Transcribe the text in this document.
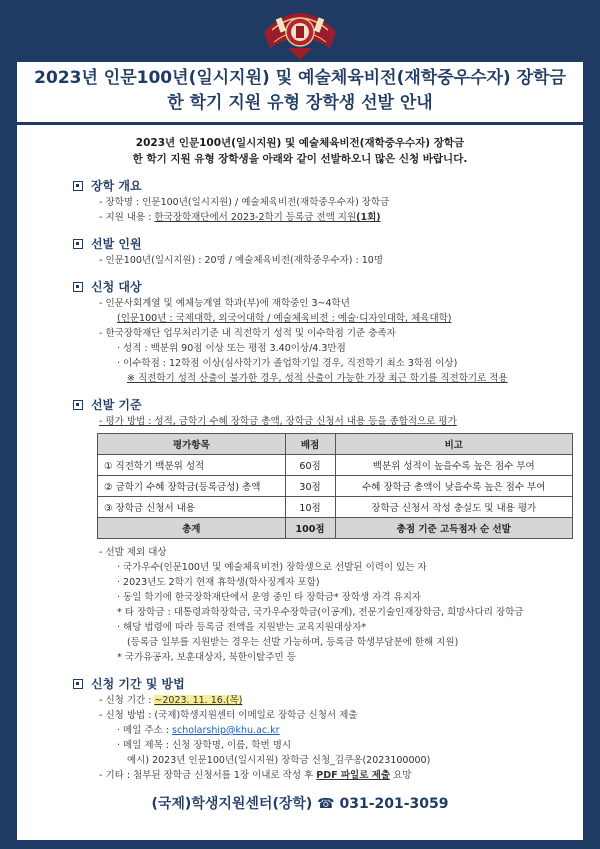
2023년 인문100년(일시지원) 및 예술체육비전(재학중우수자) 장학금
한 학기 지원 유형 장학생 선발 안내
2023년 인문100년(일시지원) 및 예술체육비전(재학중우수자) 장학금
한 학기 지원 유형 장학생을 아래와 같이 선발하오니 많은 신청 바랍니다.
장학 개요
- 장학명 : 인문100년(일시지원) / 예술체육비전(재학중우수자) 장학금
- 지원 내용 : 한국장학재단에서 2023-2학기 등록금 전액 지원(1회)
선발 인원
- 인문100년(일시지원) : 20명 / 예술체육비전(재학중우수자) : 10명
신청 대상
- 인문사회계열 및 예체능계열 학과(부)에 재학중인 3~4학년
(인문100년 : 국제대학, 외국어대학 / 예술체육비전 : 예술·디자인대학, 체육대학)
- 한국장학재단 업무처리기준 내 직전학기 성적 및 이수학점 기준 충족자
· 성적 : 백분위 90점 이상 또는 평점 3.40이상/4.3만점
· 이수학점 : 12학점 이상(심사학기가 졸업학기일 경우, 직전학기 최소 3학점 이상)
※ 직전학기 성적 산출이 불가한 경우, 성적 산출이 가능한 가장 최근 학기를 직전학기로 적용
선발 기준
- 평가 방법 : 성적, 금학기 수혜 장학금 총액, 장학금 신청서 내용 등을 종합적으로 평가
평가항목	배점	비고
① 직전학기 백분위 성적	60점	백분위 성적이 높을수록 높은 점수 부여
② 금학기 수혜 장학금(등록금성) 총액	30점	수혜 장학금 총액이 낮을수록 높은 점수 부여
③ 장학금 신청서 내용	10점	장학금 신청서 작성 충실도 및 내용 평가
총계	100점	총점 기준 고득점자 순 선발
- 선발 제외 대상
· 국가우수(인문100년 및 예술체육비전) 장학생으로 선발된 이력이 있는 자
· 2023년도 2학기 현재 휴학생(학사징계자 포함)
· 동일 학기에 한국장학재단에서 운영 중인 타 장학금* 장학생 자격 유지자
* 타 장학금 : 대통령과학장학금, 국가우수장학금(이공계), 전문기술인재장학금, 희망사다리 장학금
· 해당 법령에 따라 등록금 전액을 지원받는 교육지원대상자*
(등록금 일부를 지원받는 경우는 선발 가능하며, 등록금 학생부담분에 한해 지원)
* 국가유공자, 보훈대상자, 북한이탈주민 등
신청 기간 및 방법
- 신청 기간 : ~2023. 11. 16.(목)
- 신청 방법 : (국제)학생지원센터 이메일로 장학금 신청서 제출
· 메일 주소 : scholarship@khu.ac.kr
· 메일 제목 : 신청 장학명, 이름, 학번 명시
예시) 2023년 인문100년(일시지원) 장학금 신청_김쿠옹(2023100000)
- 기타 : 첨부된 장학금 신청서를 1장 이내로 작성 후 PDF 파일로 제출 요망
(국제)학생지원센터(장학) ☎ 031-201-3059
